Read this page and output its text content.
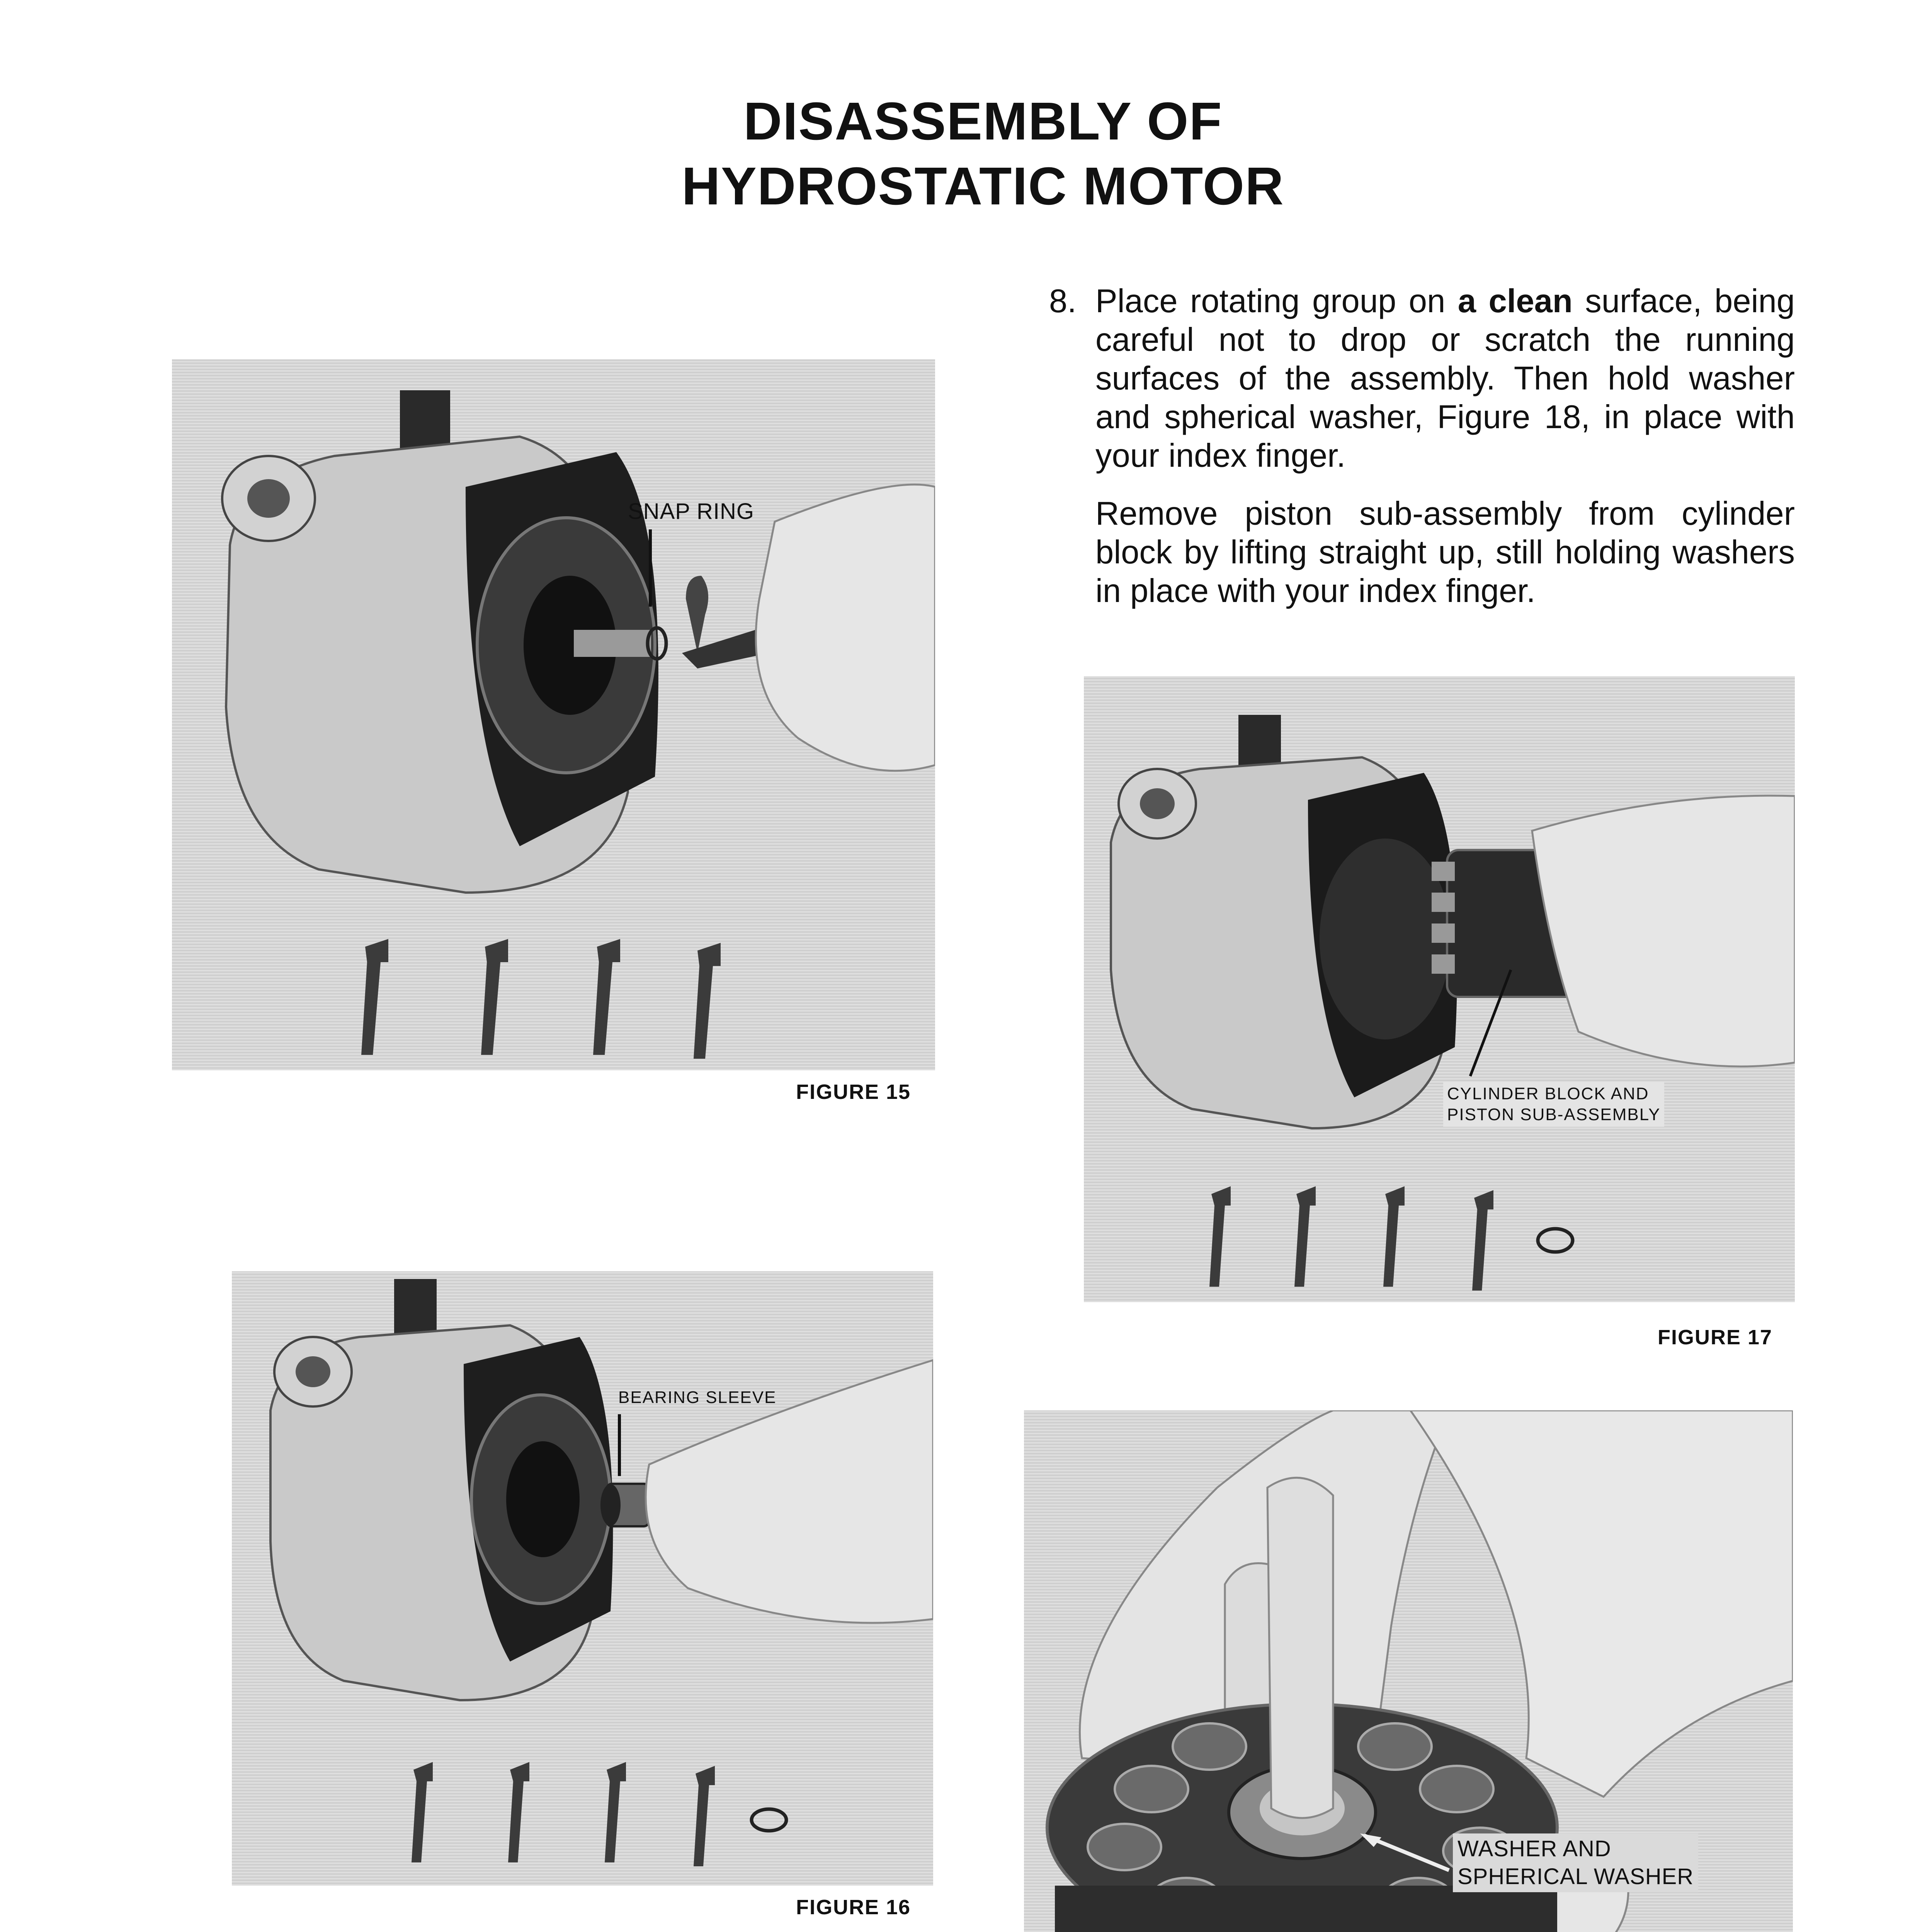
DISASSEMBLY OF
HYDROSTATIC MOTOR
SNAP RING
FIGURE 15
BEARING SLEEVE
FIGURE 16
8. Place rotating group on a clean surface, being careful not to drop or scratch the running surfaces of the assembly. Then hold washer and spherical washer, Figure 18, in place with your index finger.
Remove piston sub-assembly from cylinder block by lifting straight up, still holding washers in place with your index finger.
CYLINDER BLOCK AND
PISTON SUB-ASSEMBLY
FIGURE 17
WASHER AND
SPHERICAL WASHER
